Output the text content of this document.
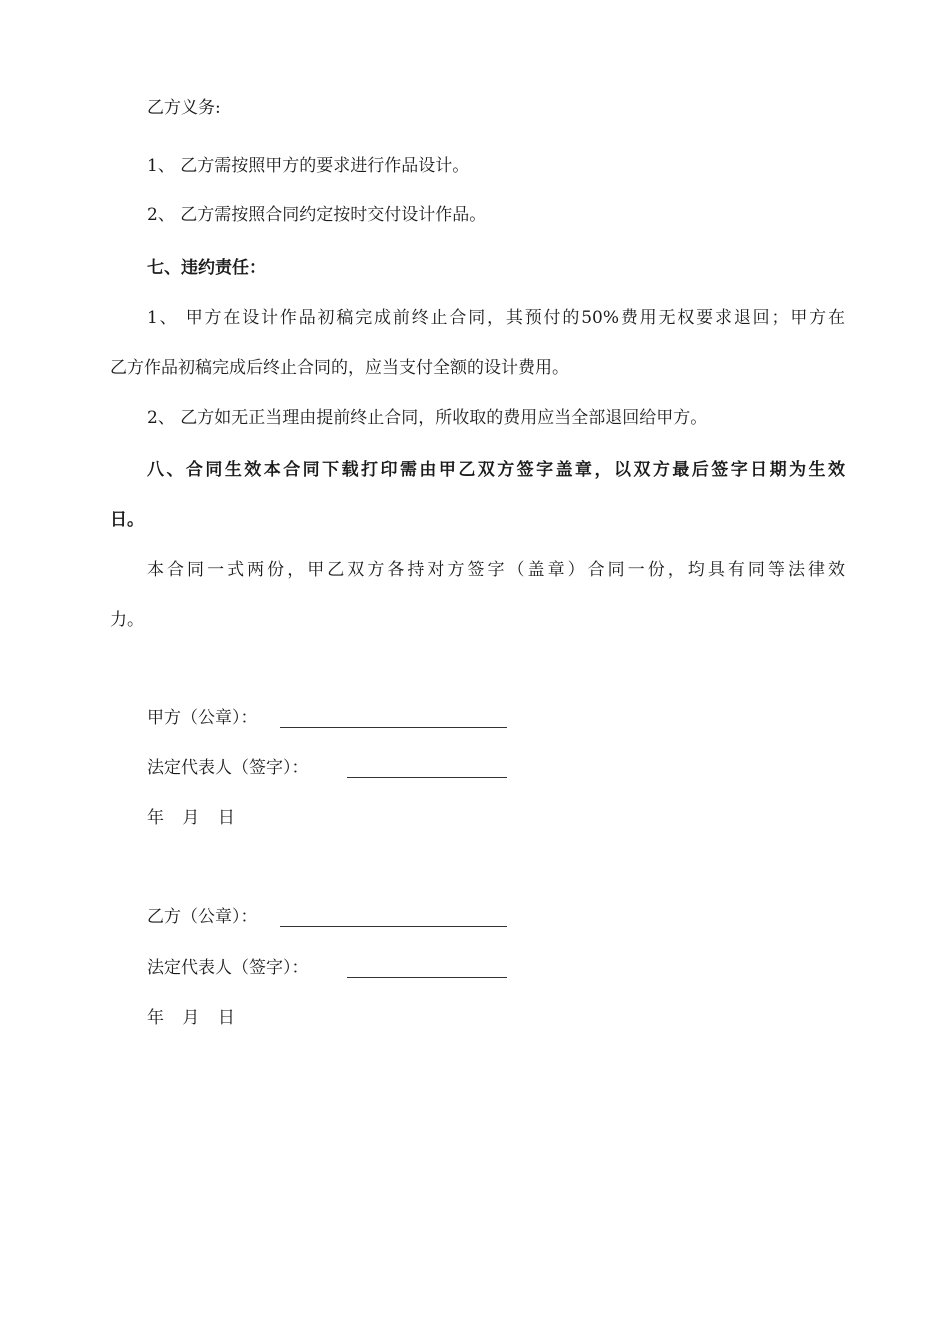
乙方义务:
1、 乙方需按照甲方的要求进行作品设计。
2、 乙方需按照合同约定按时交付设计作品。
七、违约责任：
1、 甲方在设计作品初稿完成前终止合同，其预付的50%费用无权要求退回；甲方在
乙方作品初稿完成后终止合同的，应当支付全额的设计费用。
2、 乙方如无正当理由提前终止合同，所收取的费用应当全部退回给甲方。
八、合同生效本合同下载打印需由甲乙双方签字盖章，以双方最后签字日期为生效
日。
本合同一式两份，甲乙双方各持对方签字（盖章）合同一份，均具有同等法律效
力。
甲方（公章）：
法定代表人（签字）：
年 月 日
乙方（公章）：
法定代表人（签字）：
年 月 日
